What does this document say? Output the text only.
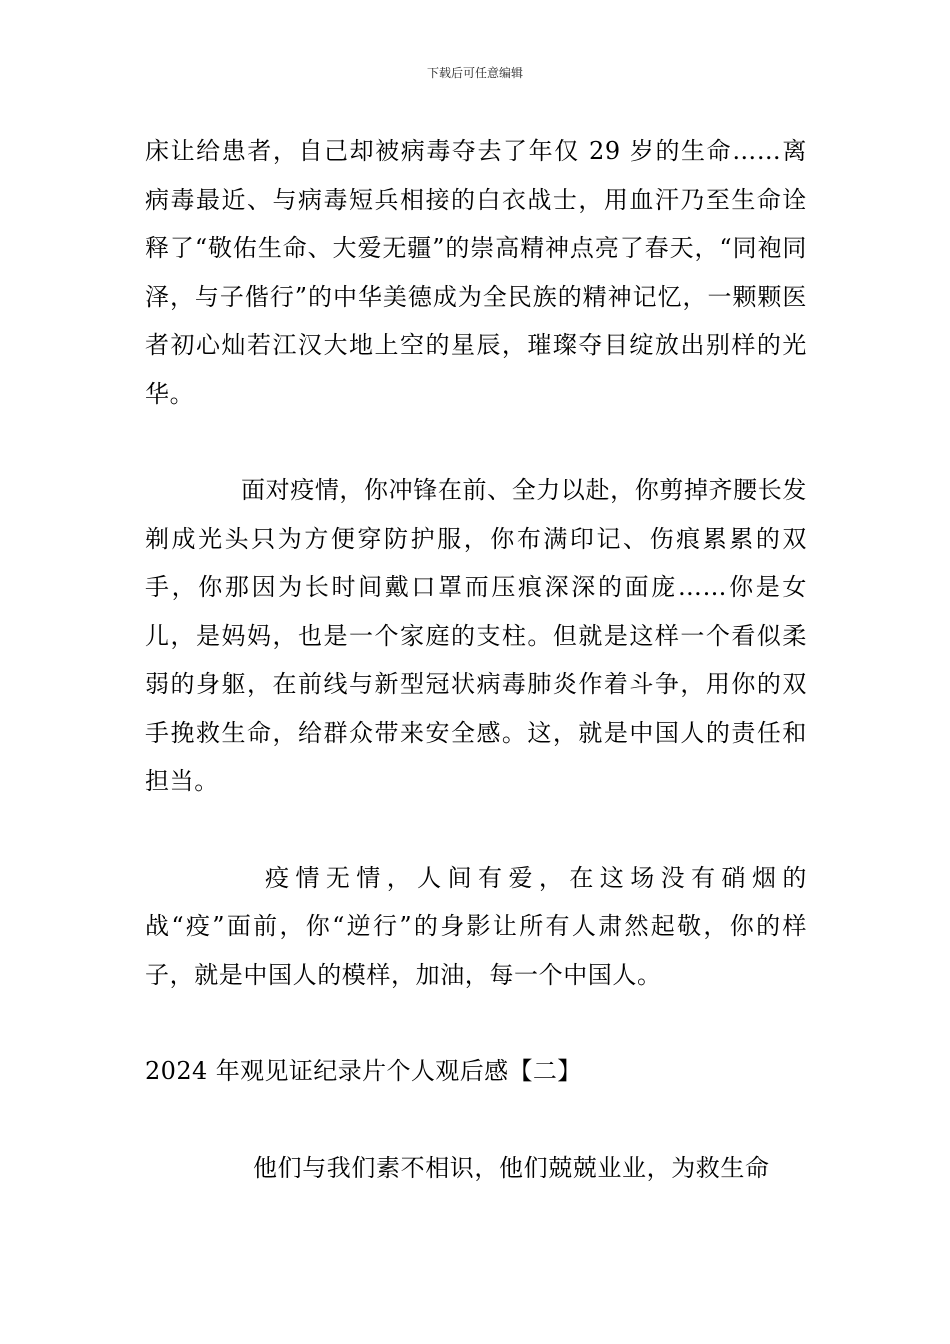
下载后可任意编辑

床让给患者，自己却被病毒夺去了年仅 29 岁的生命……离病毒最近、与病毒短兵相接的白衣战士，用血汗乃至生命诠释了“敬佑生命、大爱无疆”的崇高精神点亮了春天，“同袍同泽，与子偕行”的中华美德成为全民族的精神记忆，一颗颗医者初心灿若江汉大地上空的星辰，璀璨夺目绽放出别样的光华。

面对疫情，你冲锋在前、全力以赴，你剪掉齐腰长发剃成光头只为方便穿防护服，你布满印记、伤痕累累的双手，你那因为长时间戴口罩而压痕深深的面庞……你是女儿，是妈妈，也是一个家庭的支柱。但就是这样一个看似柔弱的身躯，在前线与新型冠状病毒肺炎作着斗争，用你的双手挽救生命，给群众带来安全感。这，就是中国人的责任和担当。

疫情无情，人间有爱，在这场没有硝烟的战“疫”面前，你“逆行”的身影让所有人肃然起敬，你的样子，就是中国人的模样，加油，每一个中国人。

2024 年观见证纪录片个人观后感【二】

他们与我们素不相识，他们兢兢业业，为救生命
